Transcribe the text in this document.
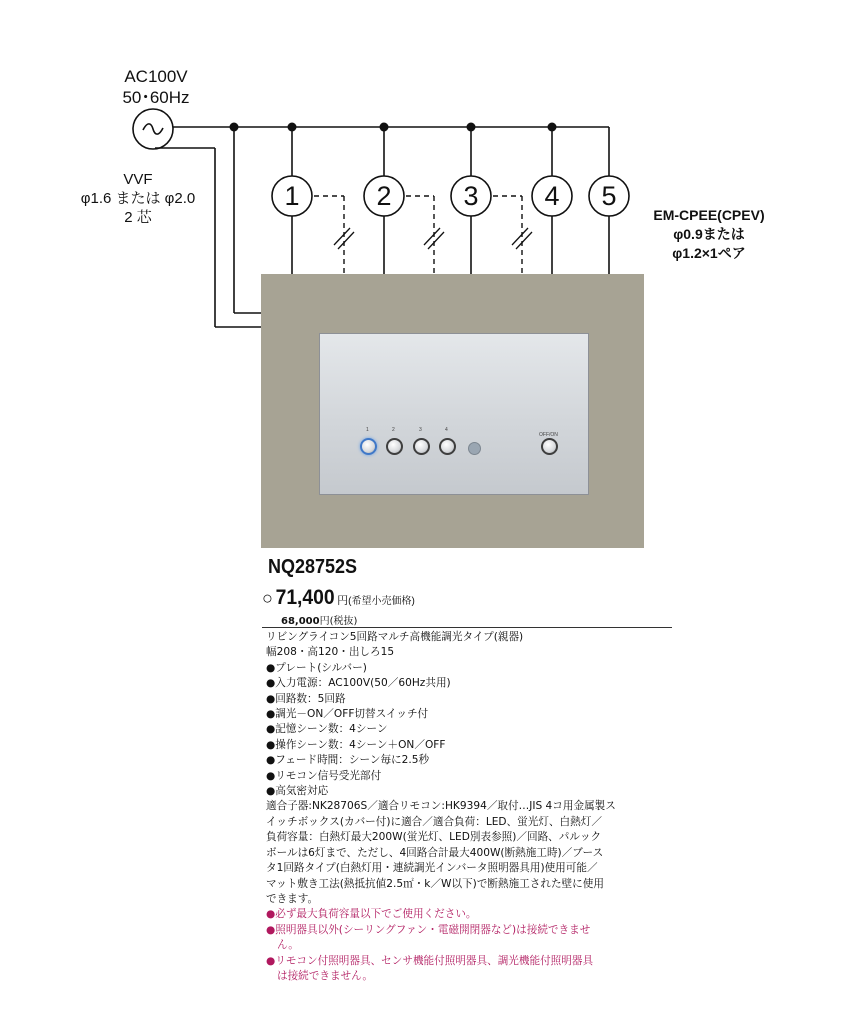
AC100V
50･60Hz
VVF
φ1.6 または φ2.0
2 芯	EM-CPEE(CPEV)
φ0.9または
φ1.2×1ペア
1	2	3	4	5
1	2	3	4
OFF/ON
NQ28752S
○ 71,400 円(希望小売価格)
68,000円(税抜)
リビングライコン5回路マルチ高機能調光タイプ(親器)
幅208・高120・出しろ15
●プレート(シルバー)
●入力電源：AC100V(50／60Hz共用)
●回路数：5回路
●調光－ON／OFF切替スイッチ付
●記憶シーン数：4シーン
●操作シーン数：4シーン＋ON／OFF
●フェード時間：シーン毎に2.5秒
●リモコン信号受光部付
●高気密対応
適合子器:NK28706S／適合リモコン:HK9394／取付…JIS 4コ用金属製ス
イッチボックス(カバー付)に適合／適合負荷：LED、蛍光灯、白熱灯／
負荷容量：白熱灯最大200W(蛍光灯、LED別表参照)／回路、パルック
ボールは6灯まで、ただし、4回路合計最大400W(断熱施工時)／ブース
タ1回路タイプ(白熱灯用・連続調光インバータ照明器具用)使用可能／
マット敷き工法(熱抵抗値2.5㎡・k／W以下)で断熱施工された壁に使用
できます。
●必ず最大負荷容量以下でご使用ください。
●照明器具以外(シーリングファン・電磁開閉器など)は接続できませ
ん。
●リモコン付照明器具、センサ機能付照明器具、調光機能付照明器具
は接続できません。
